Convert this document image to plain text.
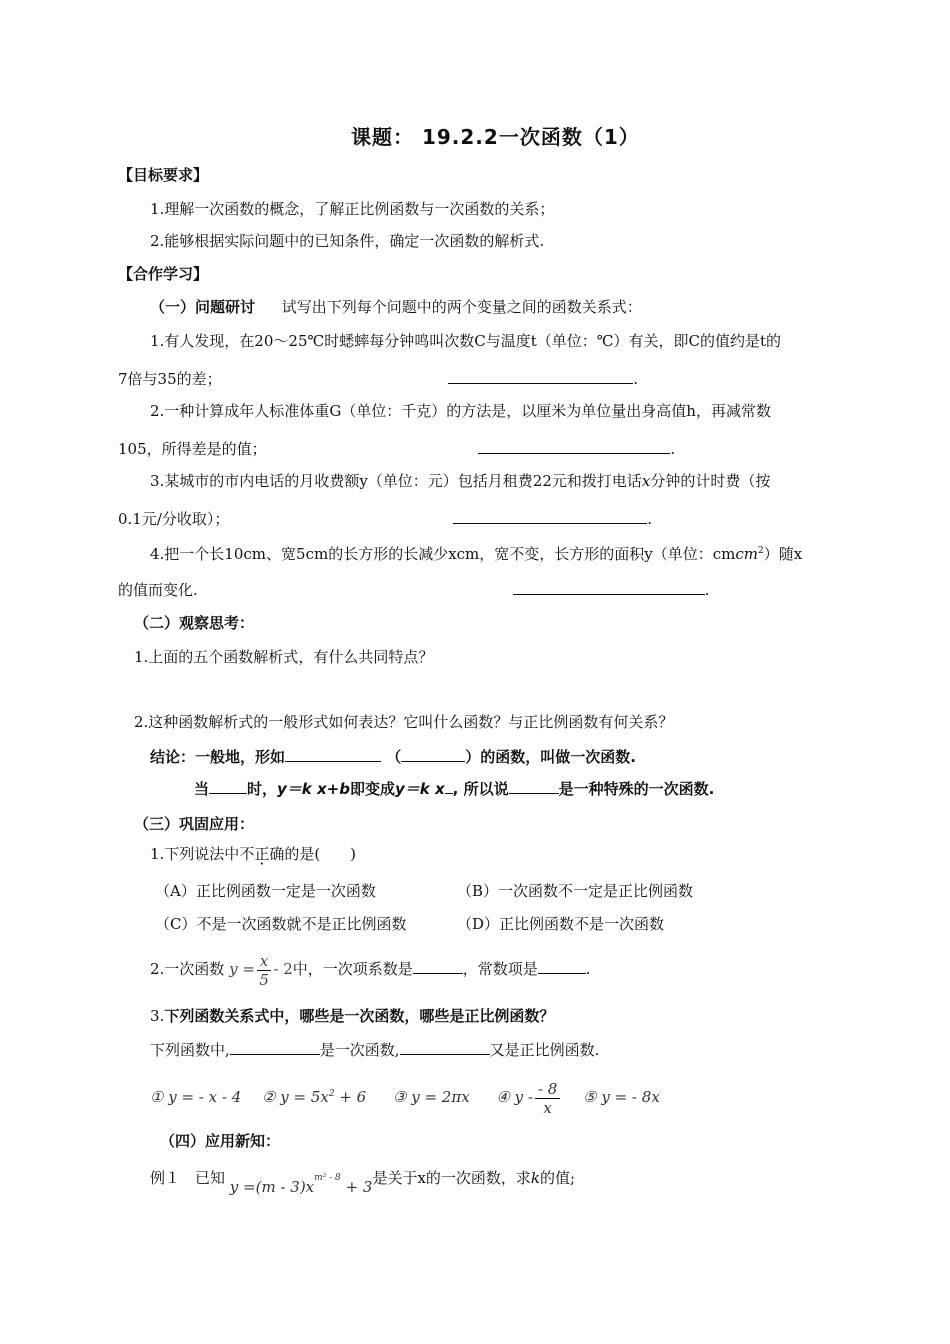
课题： 19.2.2一次函数（1）
【目标要求】
1.理解一次函数的概念，了解正比例函数与一次函数的关系；
2.能够根据实际问题中的已知条件，确定一次函数的解析式.
【合作学习】
（一）问题研讨 试写出下列每个问题中的两个变量之间的函数关系式：
1.有人发现，在20～25℃时蟋蟀每分钟鸣叫次数C与温度t（单位：℃）有关，即C的值约是t的
7倍与35的差；	.
2.一种计算成年人标准体重G（单位：千克）的方法是，以厘米为单位量出身高值h，再减常数
105，所得差是的值；	.
3.某城市的市内电话的月收费额y（单位：元）包括月租费22元和拨打电话x分钟的计时费（按
0.1元/分收取）；	.
4.把一个长10cm、宽5cm的长方形的长减少xcm，宽不变，长方形的面积y（单位：cmcm$^2$）随x
的值而变化.	.
（二）观察思考：
1.上面的五个函数解析式，有什么共同特点？
2.这种函数解析式的一般形式如何表达？它叫什么函数？与正比例函数有何关系？
结论：一般地，形如	（	）的函数，叫做一次函数.
当	时，y＝k x+b即变成y＝k x , 所以说	是一种特殊的一次函数.
（三）巩固应用：
1.下列说法中不正确的是(　　)
（A）正比例函数一定是一次函数	（B）一次函数不一定是正比例函数
（C）不是一次函数就不是正比例函数	（D）正比例函数不是一次函数
2.一次函数 $y = \frac{x}{5} - 2$中，一次项系数是	，常数项是	.
3.下列函数关系式中，哪些是一次函数，哪些是正比例函数？
下列函数中,	是一次函数,	又是正比例函数.
① y = - x - 4 ② $y = 5x^2 + 6$ ③ y = 2πx ④ y - $\frac{- 8}{x}$ ⑤ y = - 8x
（四）应用新知：
例１　已知 $y =(m - 3)x^{m^2 - 8} + 3$是关于x的一次函数，求k的值;
